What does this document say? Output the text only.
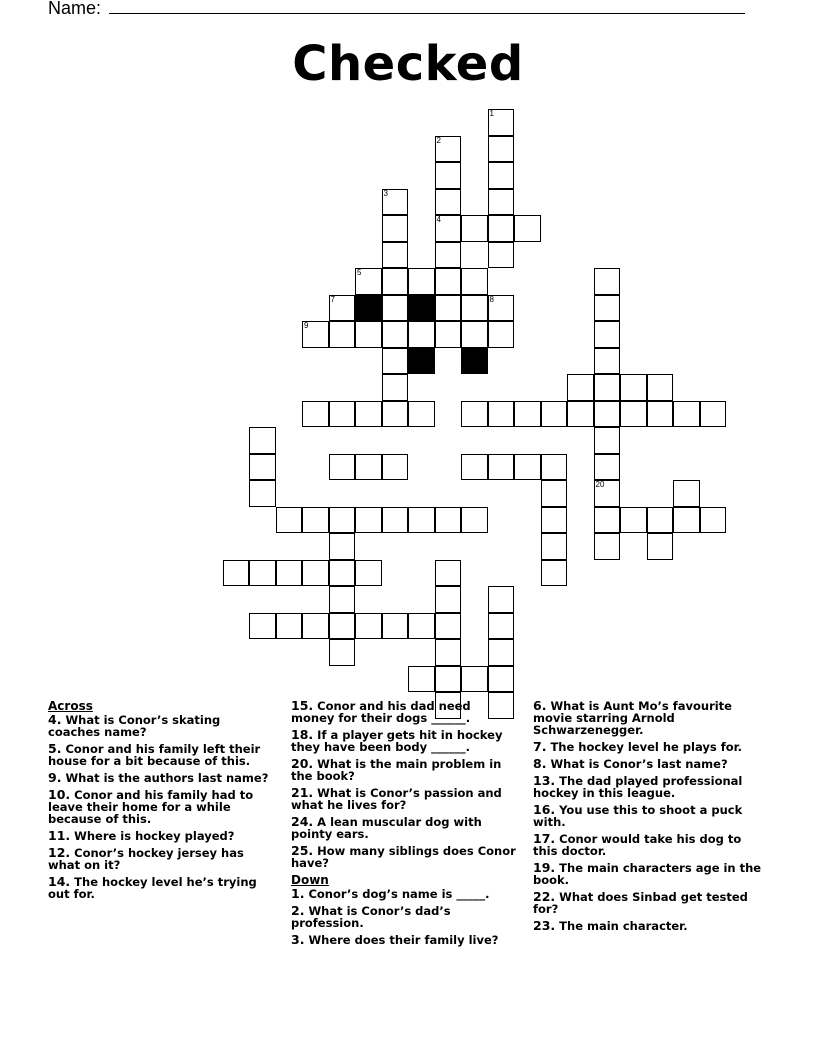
Name:
Checked
1
2
4
3
5
20
7	8
9
Across
4. What is Conor’s skating coaches name?
5. Conor and his family left their house for a bit because of this.
9. What is the authors last name?
10. Conor and his family had to leave their home for a while because of this.
11. Where is hockey played?
12. Conor’s hockey jersey has what on it?
14. The hockey level he’s trying out for.
15. Conor and his dad need money for their dogs ______.
18. If a player gets hit in hockey they have been body ______.
20. What is the main problem in the book?
21. What is Conor’s passion and what he lives for?
24. A lean muscular dog with pointy ears.
25. How many siblings does Conor have?
Down
1. Conor’s dog’s name is _____.
2. What is Conor’s dad’s profession.
3. Where does their family live?
6. What is Aunt Mo’s favourite movie starring Arnold Schwarzenegger.
7. The hockey level he plays for.
8. What is Conor’s last name?
13. The dad played professional hockey in this league.
16. You use this to shoot a puck with.
17. Conor would take his dog to this doctor.
19. The main characters age in the book.
22. What does Sinbad get tested for?
23. The main character.
